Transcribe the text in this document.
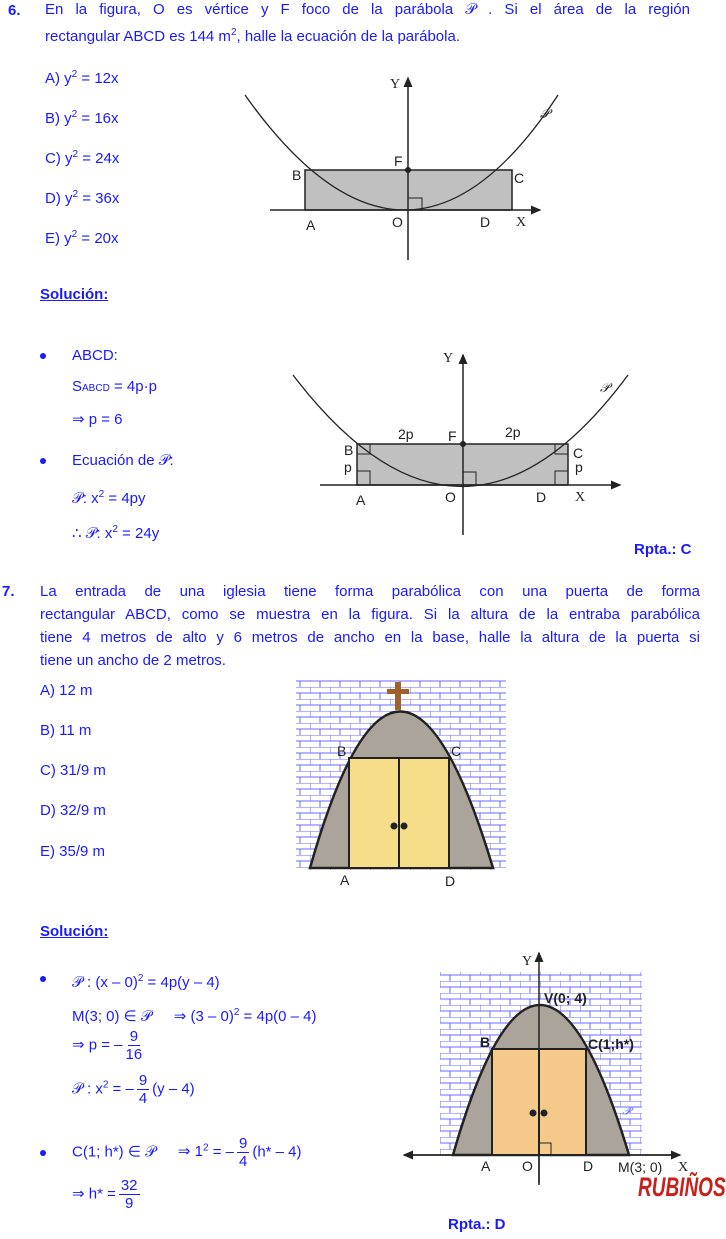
6. En la figura, O es vértice y F foco de la parábola 𝒫 . Si el área de la región
rectangular ABCD es 144 $m^2$, halle la ecuación de la parábola.
A) $y^2 = 12x$
B) $y^2 = 16x$
C) $y^2 = 24x$
D) $y^2 = 36x$
E) $y^2 = 20x$
Y
X
F
O
A
B	C
D
𝒫
Solución:
ABCD:
SABCD = 4p·p
⇒ p = 6
Ecuación de 𝒫:
𝒫: $x^2 = 4py$
∴ 𝒫: $x^2 = 24y$
Y
X
F
O
A
B	C
D
2p	2p
p	p
𝒫
Rpta.: C
7. La entrada de una iglesia tiene forma parabólica con una puerta de forma
rectangular ABCD, como se muestra en la figura. Si la altura de la entraba parabólica
tiene 4 metros de alto y 6 metros de ancho en la base, halle la altura de la puerta si
tiene un ancho de 2 metros.
A) 12 m
B) 11 m
C) 31/9 m
D) 32/9 m
E) 35/9 m
B	C
A	D
Solución:
𝒫 : (x – 0)$^2$ = 4p(y – 4)
M(3; 0) ∈ 𝒫 ⇒ (3 – 0)$^2$ = 4p(0 – 4)
⇒ p = – $\frac{9}{16}$
𝒫 : $x^2$ = – $\frac{9}{4} (y - 4)$
C(1; h*) ∈ 𝒫 ⇒ $1^2$ = – $\frac{9}{4} (h* - 4)$
⇒ $h* = \frac{32}{9}$
Y
X
V(0; 4)
B	C(1;h*)
A O	D M(3; 0)
𝒫
Rpta.: D
RUBIÑOS
